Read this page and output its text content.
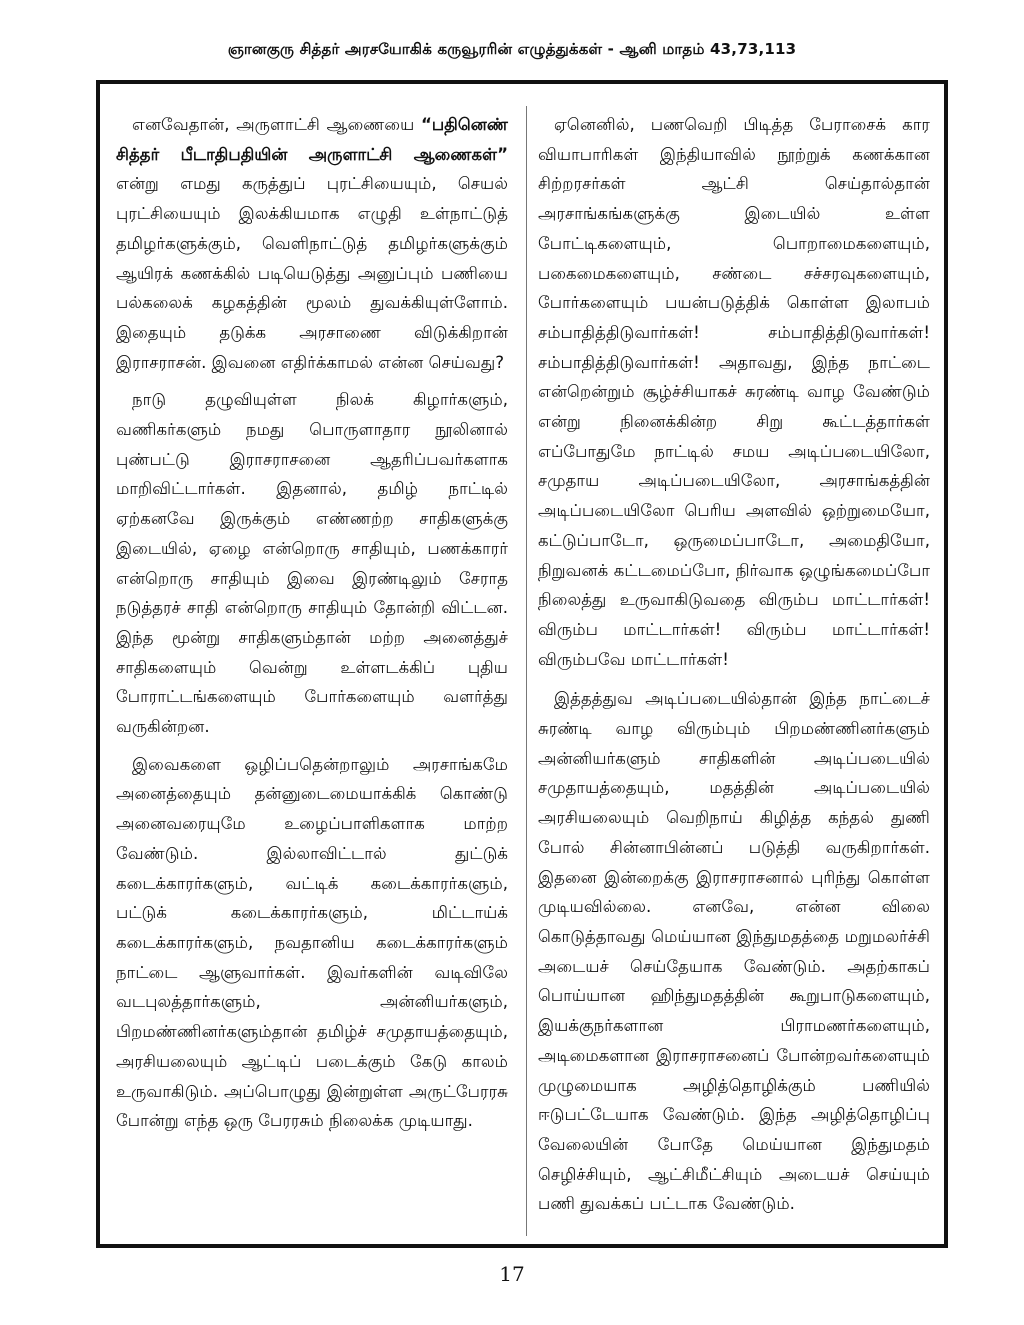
ஞானகுரு சித்தர் அரசயோகிக் கருவூரரின் எழுத்துக்கள் - ஆனி மாதம் 43,73,113

எனவேதான், அருளாட்சி ஆணையை “பதினெண் சித்தர் பீடாதிபதியின் அருளாட்சி ஆணைகள்” என்று எமது கருத்துப் புரட்சியையும், செயல் புரட்சியையும் இலக்கியமாக எழுதி உள்நாட்டுத் தமிழர்களுக்கும், வெளிநாட்டுத் தமிழர்களுக்கும் ஆயிரக் கணக்கில் படியெடுத்து அனுப்பும் பணியை பல்கலைக் கழகத்தின் மூலம் துவக்கியுள்ளோம். இதையும் தடுக்க அரசாணை விடுக்கிறான் இராசராசன். இவனை எதிர்க்காமல் என்ன செய்வது?

நாடு தழுவியுள்ள நிலக் கிழார்களும், வணிகர்களும் நமது பொருளாதார நூலினால் புண்பட்டு இராசராசனை ஆதரிப்பவர்களாக மாறிவிட்டார்கள். இதனால், தமிழ் நாட்டில் ஏற்கனவே இருக்கும் எண்ணற்ற சாதிகளுக்கு இடையில், ஏழை என்றொரு சாதியும், பணக்காரர் என்றொரு சாதியும் இவை இரண்டிலும் சேராத நடுத்தரச் சாதி என்றொரு சாதியும் தோன்றி விட்டன. இந்த மூன்று சாதிகளும்தான் மற்ற அனைத்துச் சாதிகளையும் வென்று உள்ளடக்கிப் புதிய போராட்டங்களையும் போர்களையும் வளர்த்து வருகின்றன.

இவைகளை ஒழிப்பதென்றாலும் அரசாங்கமே அனைத்தையும் தன்னுடைமையாக்கிக் கொண்டு அனைவரையுமே உழைப்பாளிகளாக மாற்ற வேண்டும். இல்லாவிட்டால் துட்டுக் கடைக்காரர்களும், வட்டிக் கடைக்காரர்களும், பட்டுக் கடைக்காரர்களும், மிட்டாய்க் கடைக்காரர்களும், நவதானிய கடைக்காரர்களும் நாட்டை ஆளுவார்கள். இவர்களின் வடிவிலே வடபுலத்தார்களும், அன்னியர்களும், பிறமண்ணினர்களும்தான் தமிழ்ச் சமுதாயத்தையும், அரசியலையும் ஆட்டிப் படைக்கும் கேடு காலம் உருவாகிடும். அப்பொழுது இன்றுள்ள அருட்பேரரசு போன்று எந்த ஒரு பேரரசும் நிலைக்க முடியாது.

ஏனெனில், பணவெறி பிடித்த பேராசைக் கார வியாபாரிகள் இந்தியாவில் நூற்றுக் கணக்கான சிற்றரசர்கள் ஆட்சி செய்தால்தான் அரசாங்கங்களுக்கு இடையில் உள்ள போட்டிகளையும், பொறாமைகளையும், பகைமைகளையும், சண்டை சச்சரவுகளையும், போர்களையும் பயன்படுத்திக் கொள்ள இலாபம் சம்பாதித்திடுவார்கள்! சம்பாதித்திடுவார்கள்! சம்பாதித்திடுவார்கள்! அதாவது, இந்த நாட்டை என்றென்றும் சூழ்ச்சியாகச் சுரண்டி வாழ வேண்டும் என்று நினைக்கின்ற சிறு கூட்டத்தார்கள் எப்போதுமே நாட்டில் சமய அடிப்படையிலோ, சமுதாய அடிப்படையிலோ, அரசாங்கத்தின் அடிப்படையிலோ பெரிய அளவில் ஒற்றுமையோ, கட்டுப்பாடோ, ஒருமைப்பாடோ, அமைதியோ, நிறுவனக் கட்டமைப்போ, நிர்வாக ஒழுங்கமைப்போ நிலைத்து உருவாகிடுவதை விரும்ப மாட்டார்கள்! விரும்ப மாட்டார்கள்! விரும்ப மாட்டார்கள்! விரும்பவே மாட்டார்கள்!

இத்தத்துவ அடிப்படையில்தான் இந்த நாட்டைச் சுரண்டி வாழ விரும்பும் பிறமண்ணினர்களும் அன்னியர்களும் சாதிகளின் அடிப்படையில் சமுதாயத்தையும், மதத்தின் அடிப்படையில் அரசியலையும் வெறிநாய் கிழித்த கந்தல் துணி போல் சின்னாபின்னப் படுத்தி வருகிறார்கள். இதனை இன்றைக்கு இராசராசனால் புரிந்து கொள்ள முடியவில்லை. எனவே, என்ன விலை கொடுத்தாவது மெய்யான இந்துமதத்தை மறுமலர்ச்சி அடையச் செய்தேயாக வேண்டும். அதற்காகப் பொய்யான ஹிந்துமதத்தின் கூறுபாடுகளையும், இயக்குநர்களான பிராமணர்களையும், அடிமைகளான இராசராசனைப் போன்றவர்களையும் முழுமையாக அழித்தொழிக்கும் பணியில் ஈடுபட்டேயாக வேண்டும். இந்த அழித்தொழிப்பு வேலையின் போதே மெய்யான இந்துமதம் செழிச்சியும், ஆட்சிமீட்சியும் அடையச் செய்யும் பணி துவக்கப் பட்டாக வேண்டும்.

17
